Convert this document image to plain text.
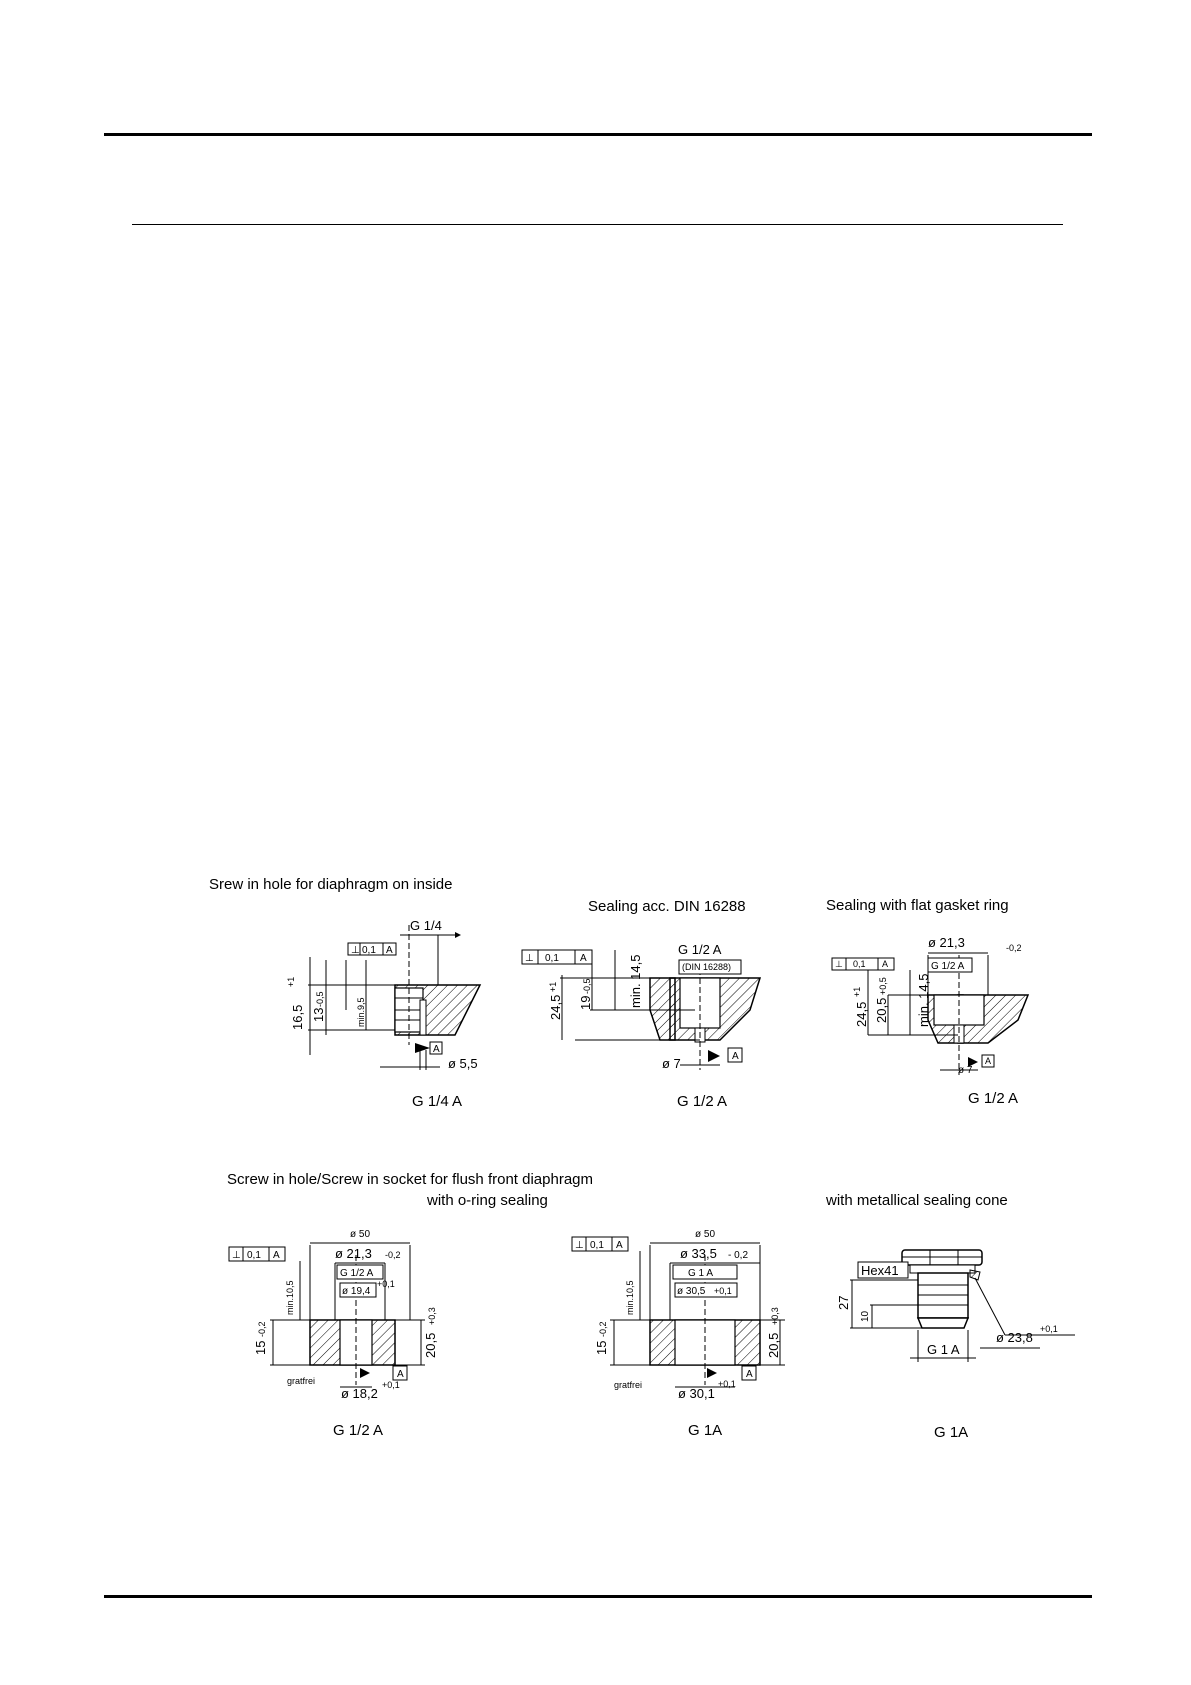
Srew in hole for diaphragm on inside
Sealing acc. DIN 16288	Sealing with flat gasket ring
Screw in hole/Screw in socket for flush front diaphragm
with o-ring sealing	with metallical sealing cone
G 1/4 A	G 1/2 A	G 1/2 A
G 1/2 A	G 1A	G 1A
⊥ 0,1 A
A
G 1/4
ø 5,5
16,5
+1
13
-0,5	min.9,5
(DIN 16288)
G 1/2 A
⊥ 0,1 A
24,5
+1
19
-0,5	min. 14,5
A
ø 7
G 1/2 A
ø 21,3	-0,2
⊥ 0,1 A
24,5
+1
20,5
+0,5 min. 14,5
A
ø 7
ø 50
ø 21,3 -0,2
G 1/2 A
ø 19,4
+0,1
⊥ 0,1 A
15
-0,2
min.10,5
20,5
+0,3
A
ø 18,2
+0,1
gratfrei
ø 50
ø 33,5 - 0,2
G 1 A
ø 30,5 +0,1
⊥ 0,1 A
15
-0,2
min.10,5
20,5
+0,3
A
ø 30,1
+0,1
gratfrei
Hex41
27
10
G 1 A
ø 23,8
+0,1
